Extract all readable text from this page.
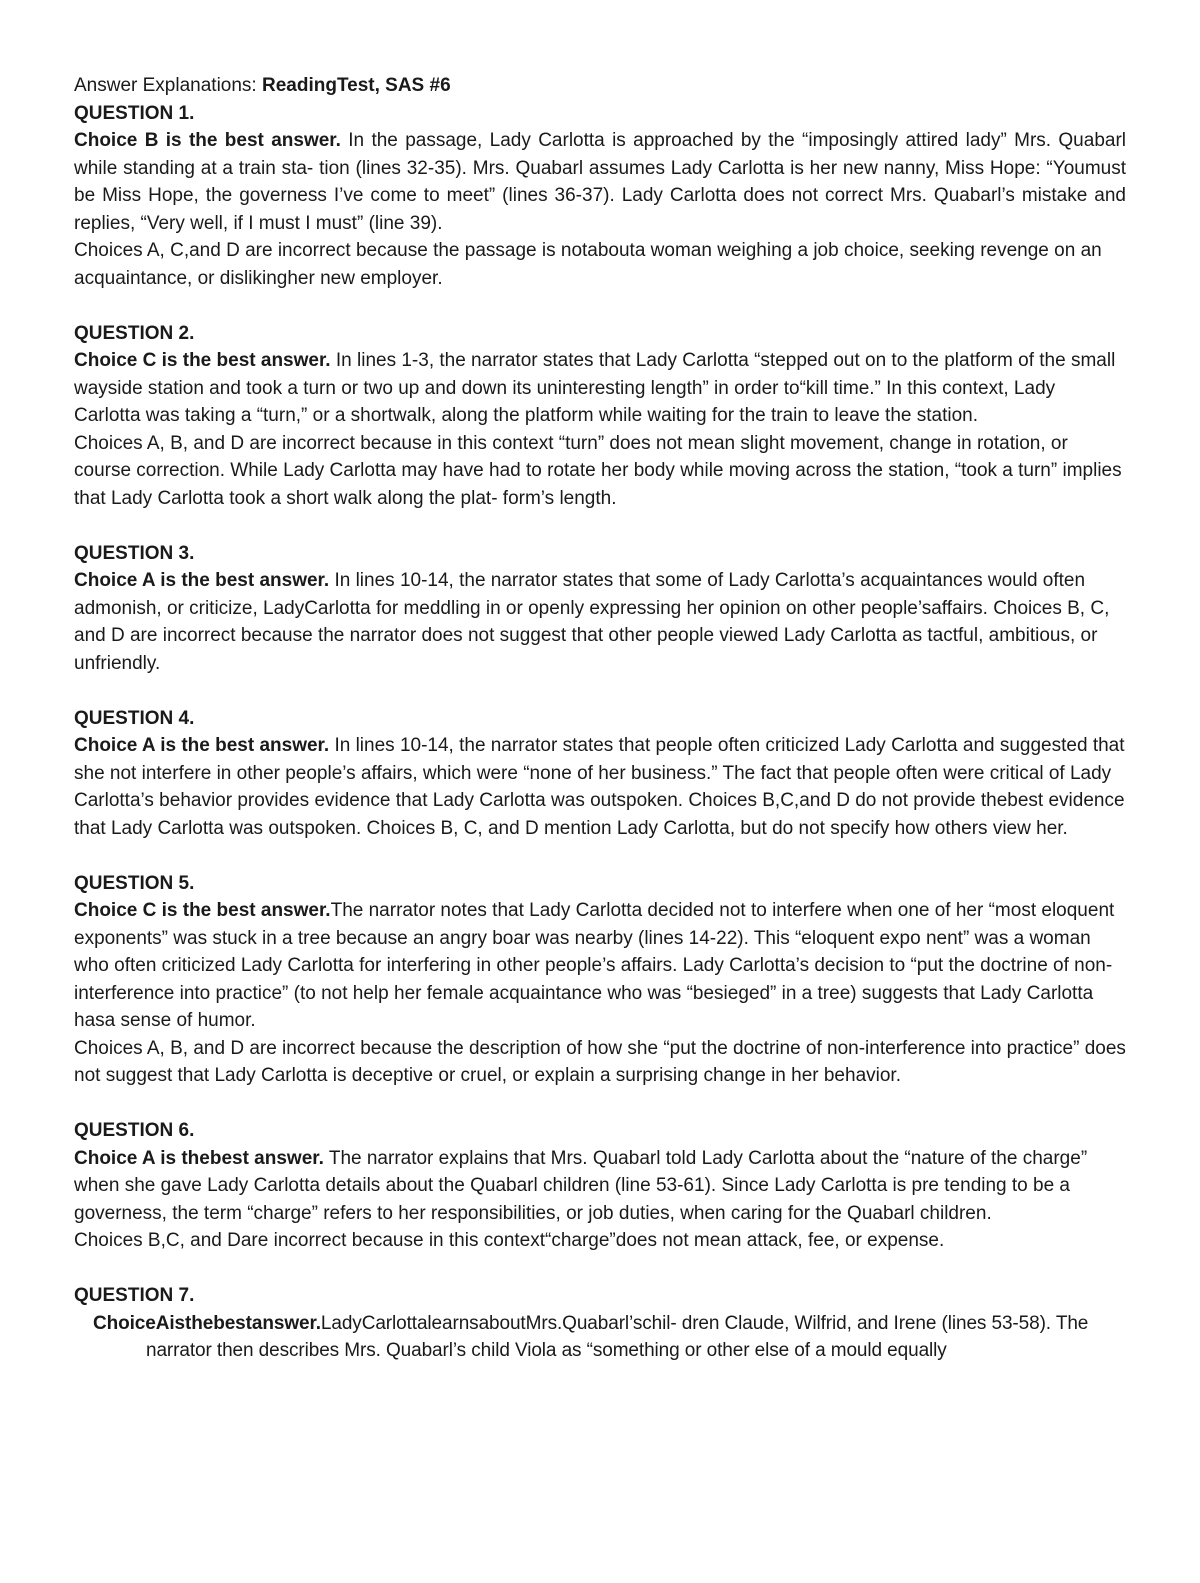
Answer Explanations: ReadingTest, SAS #6

QUESTION 1.

Choice B is the best answer. In the passage, Lady Carlotta is approached by the “imposingly attired lady” Mrs. Quabarl while standing at a train sta- tion (lines 32-35). Mrs. Quabarl assumes Lady Carlotta is her new nanny, Miss Hope: “Youmust be Miss Hope, the governess I’ve come to meet” (lines 36-37). Lady Carlotta does not correct Mrs. Quabarl’s mistake and replies, “Very well, if I must I must” (line 39).

Choices A, C,and D are incorrect because the passage is notabouta woman weighing a job choice, seeking revenge on an acquaintance, or dislikingher new employer.

QUESTION 2.

Choice C is the best answer. In lines 1-3, the narrator states that Lady Carlotta “stepped out on to the platform of the small wayside station and took a turn or two up and down its uninteresting length” in order to“kill time.” In this context, Lady Carlotta was taking a “turn,” or a shortwalk, along the platform while waiting for the train to leave the station.

Choices A, B, and D are incorrect because in this context “turn” does not mean slight movement, change in rotation, or course correction. While Lady Carlotta may have had to rotate her body while moving across the station, “took a turn” implies that Lady Carlotta took a short walk along the plat- form’s length.

QUESTION 3.

Choice A is the best answer. In lines 10-14, the narrator states that some of Lady Carlotta’s acquaintances would often admonish, or criticize, LadyCarlotta for meddling in or openly expressing her opinion on other people’saffairs. Choices B, C, and D are incorrect because the narrator does not suggest that other people viewed Lady Carlotta as tactful, ambitious, or unfriendly.

QUESTION 4.

Choice A is the best answer. In lines 10-14, the narrator states that people often criticized Lady Carlotta and suggested that she not interfere in other people’s affairs, which were “none of her business.” The fact that people often were critical of Lady Carlotta’s behavior provides evidence that Lady Carlotta was outspoken. Choices B,C,and D do not provide thebest evidence that Lady Carlotta was outspoken. Choices B, C, and D mention Lady Carlotta, but do not specify how others view her.

QUESTION 5.

Choice C is the best answer.The narrator notes that Lady Carlotta decided not to interfere when one of her “most eloquent exponents” was stuck in a tree because an angry boar was nearby (lines 14-22). This “eloquent expo nent” was a woman who often criticized Lady Carlotta for interfering in other people’s affairs. Lady Carlotta’s decision to “put the doctrine of non- interference into practice” (to not help her female acquaintance who was “besieged” in a tree) suggests that Lady Carlotta hasa sense of humor.

Choices A, B, and D are incorrect because the description of how she “put the doctrine of non-interference into practice” does not suggest that Lady Carlotta is deceptive or cruel, or explain a surprising change in her behavior.

QUESTION 6.

Choice A is thebest answer. The narrator explains that Mrs. Quabarl told Lady Carlotta about the “nature of the charge” when she gave Lady Carlotta details about the Quabarl children (line 53-61). Since Lady Carlotta is pre tending to be a governess, the term “charge” refers to her responsibilities, or job duties, when caring for the Quabarl children.

Choices B,C, and Dare incorrect because in this context“charge”does not mean attack, fee, or expense.

QUESTION 7.

ChoiceAisthebestanswer.LadyCarlottalearnsaboutMrs.Quabarl’schil- dren Claude, Wilfrid, and Irene (lines 53-58). The narrator then describes Mrs. Quabarl’s child Viola as “something or other else of a mould equally
